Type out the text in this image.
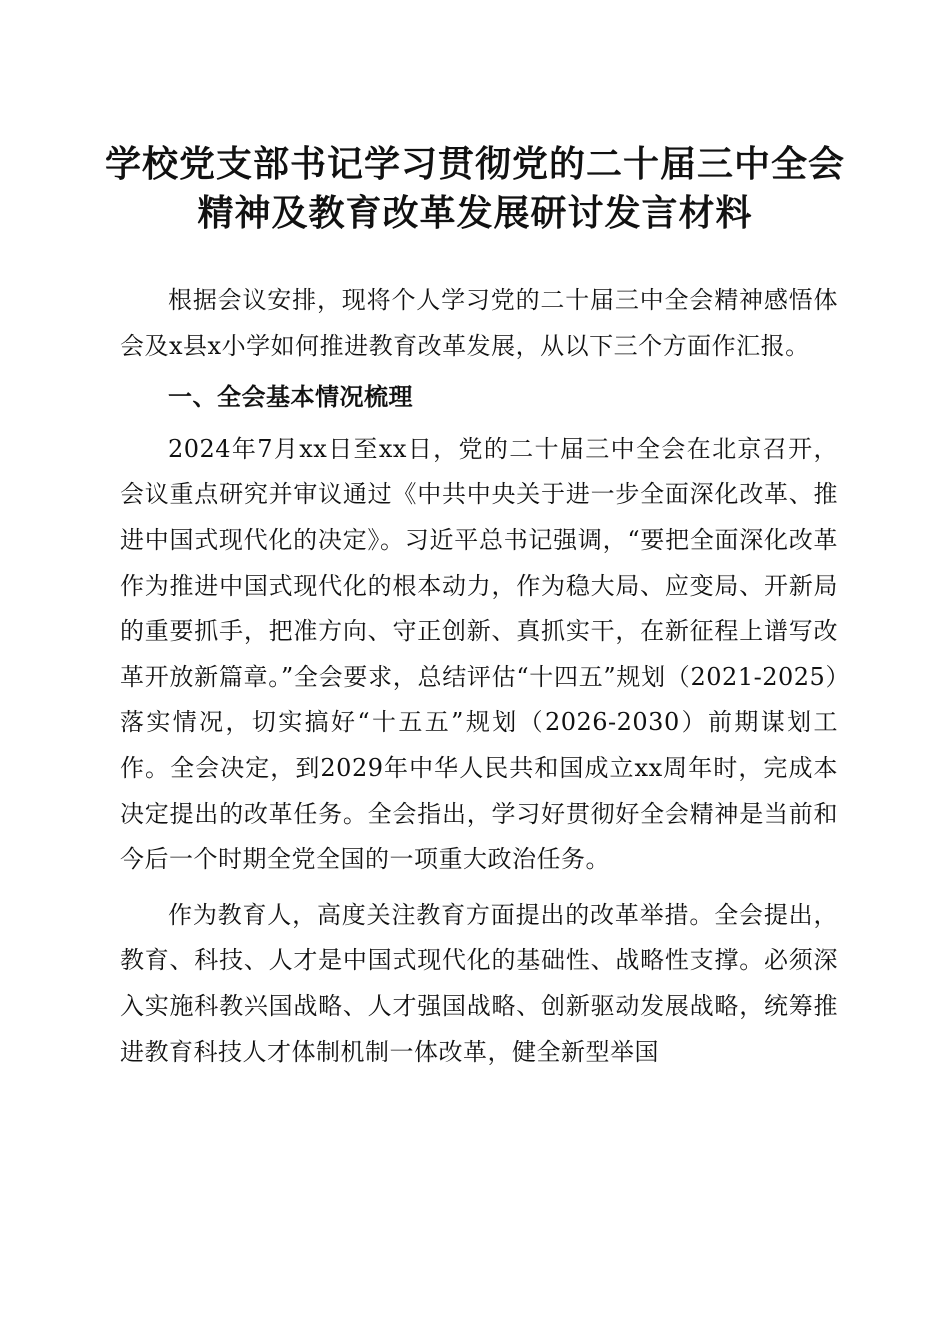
学校党支部书记学习贯彻党的二十届三中全会
精神及教育改革发展研讨发言材料

根据会议安排，现将个人学习党的二十届三中全会精神感悟体会及x县x小学如何推进教育改革发展，从以下三个方面作汇报。

一、全会基本情况梳理

2024年7月xx日至xx日，党的二十届三中全会在北京召开，会议重点研究并审议通过《中共中央关于进一步全面深化改革、推进中国式现代化的决定》。习近平总书记强调，“要把全面深化改革作为推进中国式现代化的根本动力，作为稳大局、应变局、开新局的重要抓手，把准方向、守正创新、真抓实干，在新征程上谱写改革开放新篇章。”全会要求，总结评估“十四五”规划（2021-2025）落实情况，切实搞好“十五五”规划（2026-2030）前期谋划工作。全会决定，到2029年中华人民共和国成立xx周年时，完成本决定提出的改革任务。全会指出，学习好贯彻好全会精神是当前和今后一个时期全党全国的一项重大政治任务。

作为教育人，高度关注教育方面提出的改革举措。全会提出，教育、科技、人才是中国式现代化的基础性、战略性支撑。必须深入实施科教兴国战略、人才强国战略、创新驱动发展战略，统筹推进教育科技人才体制机制一体改革，健全新型举国
